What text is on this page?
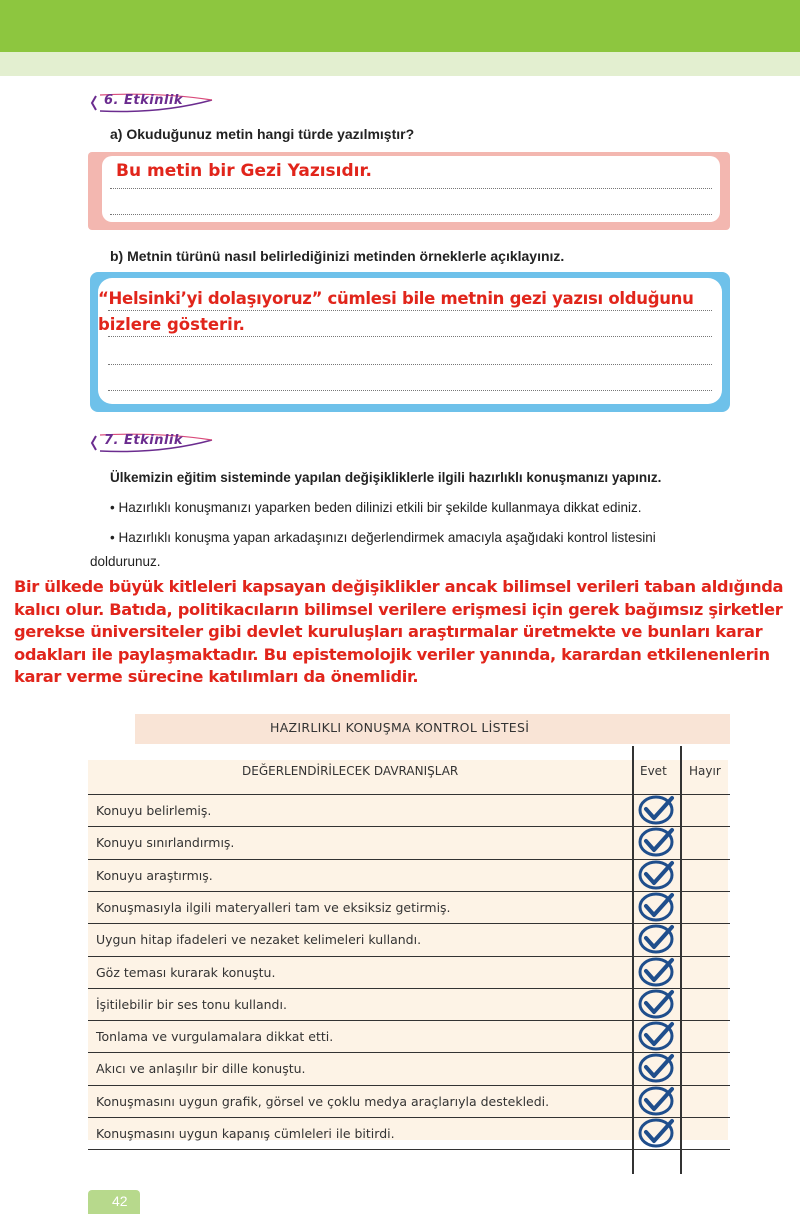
6. Etkinlik
a) Okuduğunuz metin hangi türde yazılmıştır?
Bu metin bir Gezi Yazısıdır.
b) Metnin türünü nasıl belirlediğinizi metinden örneklerle açıklayınız.
“Helsinki’yi dolaşıyoruz” cümlesi bile metnin gezi yazısı olduğunu
bizlere gösterir.
7. Etkinlik
Ülkemizin eğitim sisteminde yapılan değişikliklerle ilgili hazırlıklı konuşmanızı yapınız.
• Hazırlıklı konuşmanızı yaparken beden dilinizi etkili bir şekilde kullanmaya dikkat ediniz.
• Hazırlıklı konuşma yapan arkadaşınızı değerlendirmek amacıyla aşağıdaki kontrol listesini
doldurunuz.
Bir ülkede büyük kitleleri kapsayan değişiklikler ancak bilimsel verileri taban aldığında
kalıcı olur. Batıda, politikacıların bilimsel verilere erişmesi için gerek bağımsız şirketler
gerekse üniversiteler gibi devlet kuruluşları araştırmalar üretmekte ve bunları karar
odakları ile paylaşmaktadır. Bu epistemolojik veriler yanında, karardan etkilenenlerin
karar verme sürecine katılımları da önemlidir.
HAZIRLIKLI KONUŞMA KONTROL LİSTESİ
DEĞERLENDİRİLECEK DAVRANIŞLAR	Evet Hayır
Konuyu belirlemiş.
Konuyu sınırlandırmış.
Konuyu araştırmış.
Konuşmasıyla ilgili materyalleri tam ve eksiksiz getirmiş.
Uygun hitap ifadeleri ve nezaket kelimeleri kullandı.
Göz teması kurarak konuştu.
İşitilebilir bir ses tonu kullandı.
Tonlama ve vurgulamalara dikkat etti.
Akıcı ve anlaşılır bir dille konuştu.
Konuşmasını uygun grafik, görsel ve çoklu medya araçlarıyla destekledi.
Konuşmasını uygun kapanış cümleleri ile bitirdi.
42
